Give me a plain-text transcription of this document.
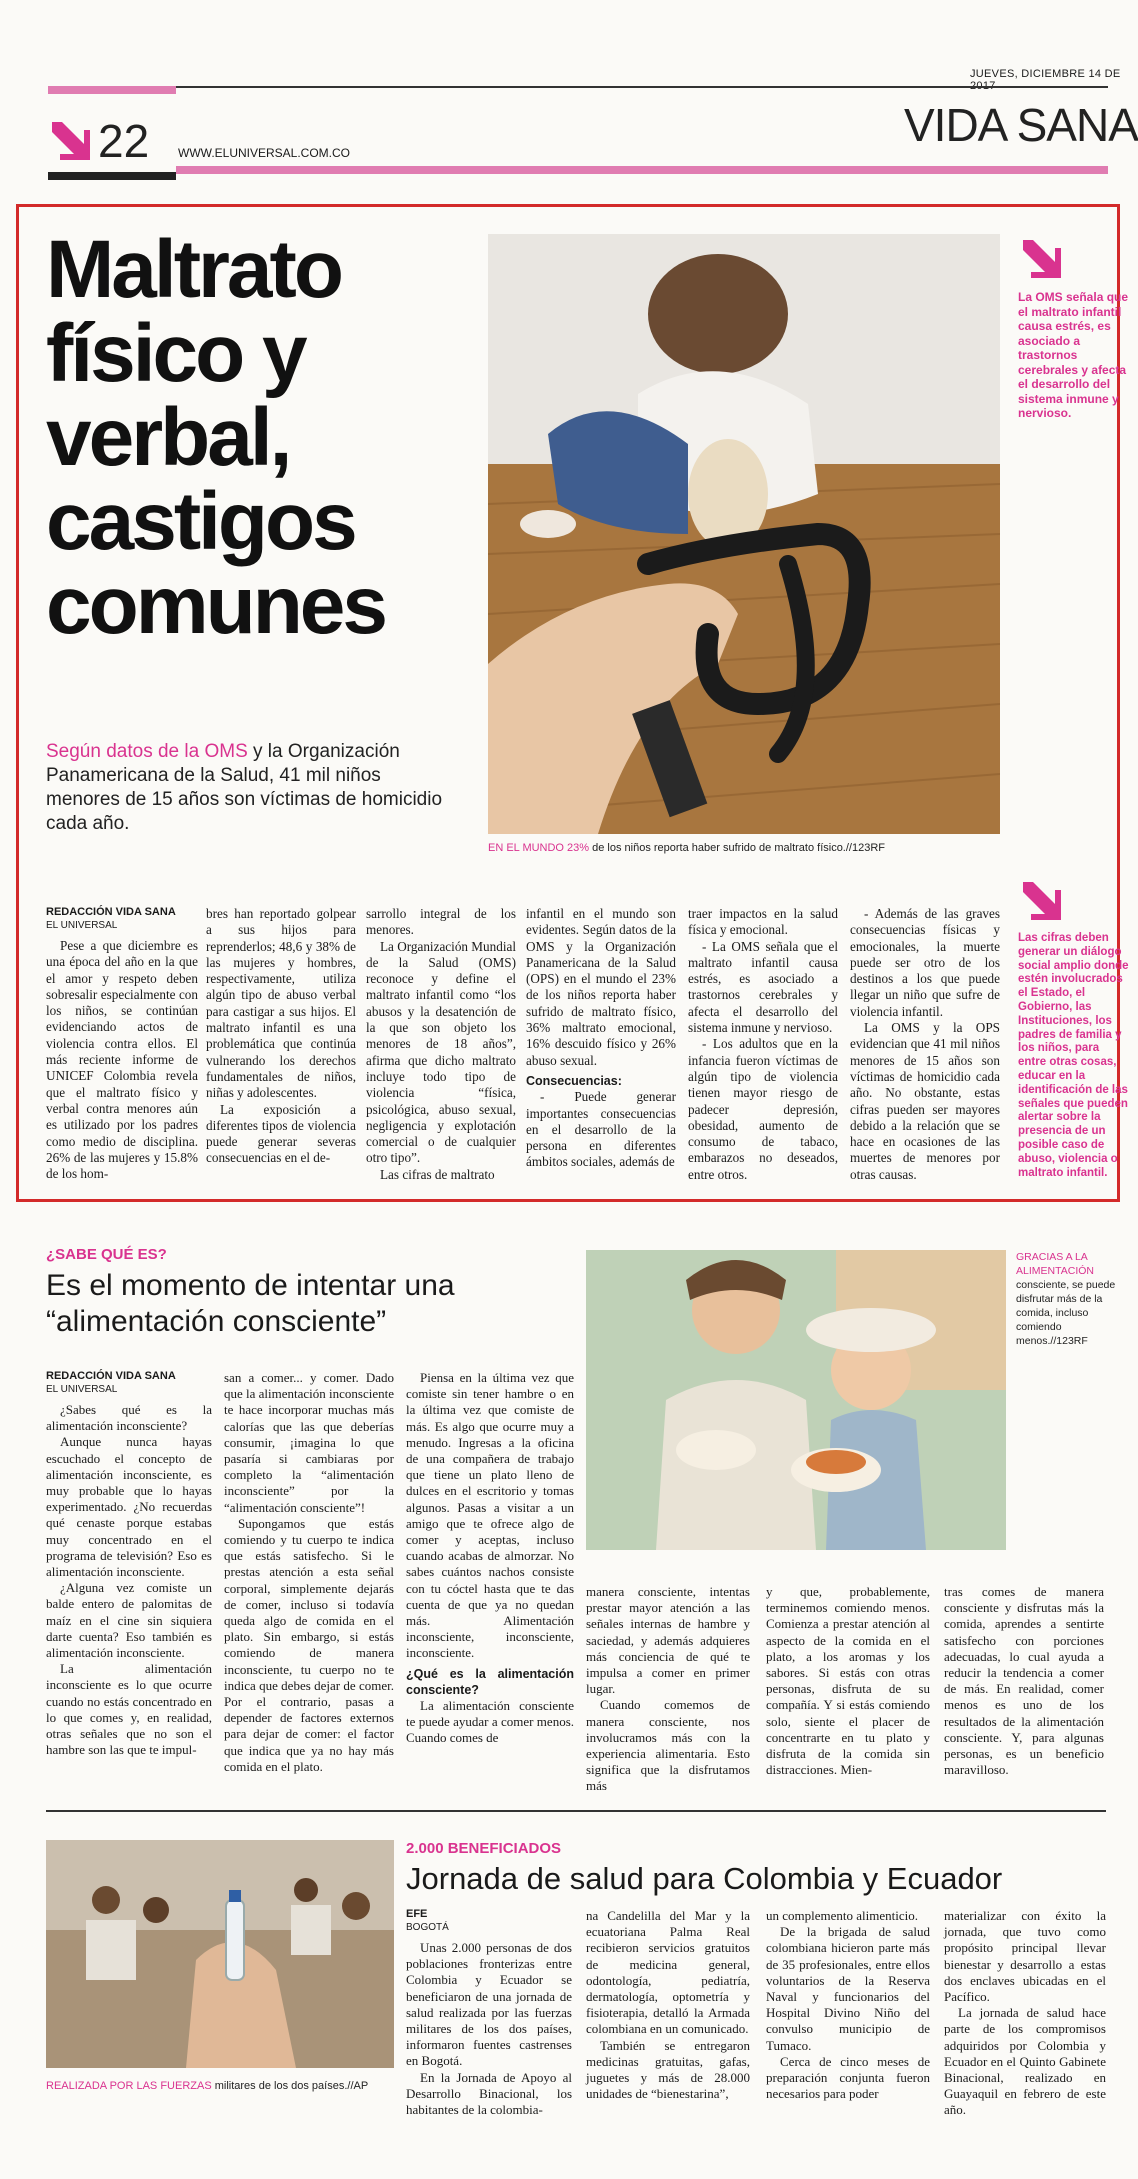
JUEVES, DICIEMBRE 14 DE
22 WWW.ELUNIVERSAL.COM.CO
VIDA SANA
Maltrato
físico y
verbal,
castigos
comunes
Según datos de la OMS y la Organización Panamericana de la Salud, 41 mil niños menores de 15 años son víctimas de homicidio cada año.
EN EL MUNDO 23% de los niños reporta haber sufrido de maltrato físico.//123RF
La OMS señala que el maltrato infantil causa estrés, es asociado a trastornos cerebrales y afecta el desarrollo del sistema inmune y nervioso.
Las cifras deben generar un diálogo social amplio donde estén involucrados el Estado, el Gobierno, las Instituciones, los padres de familia y los niños, para entre otras cosas, educar en la identificación de las señales que pueden alertar sobre la presencia de un posible caso de abuso, violencia o maltrato infantil.
REDACCIÓN VIDA SANA
EL UNIVERSAL

Pese a que diciembre es una época del año en la que el amor y respeto deben sobresalir especialmente con los niños, se continúan evidenciando actos de violencia contra ellos. El más reciente informe de UNICEF Colombia revela que el maltrato físico y verbal contra menores aún es utilizado por los padres como medio de disciplina. 26% de las mujeres y 15.8% de los hom-

bres han reportado golpear a sus hijos para reprenderlos; 48,6 y 38% de las mujeres y hombres, respectivamente, utiliza algún tipo de abuso verbal para castigar a sus hijos. El maltrato infantil es una problemática que continúa vulnerando los derechos fundamentales de niños, niñas y adolescentes.

La exposición a diferentes tipos de violencia puede generar severas consecuencias en el de-

sarrollo integral de los menores.

La Organización Mundial de la Salud (OMS) reconoce y define el maltrato infantil como “los abusos y la desatención de la que son objeto los menores de 18 años”, afirma que dicho maltrato incluye todo tipo de violencia “física, psicológica, abuso sexual, negligencia y explotación comercial o de cualquier otro tipo”.

Las cifras de maltrato

infantil en el mundo son evidentes. Según datos de la OMS y la Organización Panamericana de la Salud (OPS) en el mundo el 23% de los niños reporta haber sufrido de maltrato físico, 36% maltrato emocional, 16% descuido físico y 26% abuso sexual.

Consecuencias:

- Puede generar importantes consecuencias en el desarrollo de la persona en diferentes ámbitos sociales, además de

traer impactos en la salud física y emocional.

- La OMS señala que el maltrato infantil causa estrés, es asociado a trastornos cerebrales y afecta el desarrollo del sistema inmune y nervioso.

- Los adultos que en la infancia fueron víctimas de algún tipo de violencia tienen mayor riesgo de padecer depresión, obesidad, aumento de consumo de tabaco, embarazos no deseados, entre otros.

- Además de las graves consecuencias físicas y emocionales, la muerte puede ser otro de los destinos a los que puede llegar un niño que sufre de violencia infantil.

La OMS y la OPS evidencian que 41 mil niños menores de 15 años son víctimas de homicidio cada año. No obstante, estas cifras pueden ser mayores debido a la relación que se hace en ocasiones de las muertes de menores por otras causas.

¿SABE QUÉ ES?
Es el momento de intentar una “alimentación consciente”
GRACIAS A LA ALIMENTACIÓN consciente, se puede disfrutar más de la comida, incluso comiendo menos.//123RF
REDACCIÓN VIDA SANA
EL UNIVERSAL

¿Sabes qué es la alimentación inconsciente?

Aunque nunca hayas escuchado el concepto de alimentación inconsciente, es muy probable que lo hayas experimentado. ¿No recuerdas qué cenaste porque estabas muy concentrado en el programa de televisión? Eso es alimentación inconsciente.

¿Alguna vez comiste un balde entero de palomitas de maíz en el cine sin siquiera darte cuenta? Eso también es alimentación inconsciente.

La alimentación inconsciente es lo que ocurre cuando no estás concentrado en lo que comes y, en realidad, otras señales que no son el hambre son las que te impul-

san a comer... y comer. Dado que la alimentación inconsciente te hace incorporar muchas más calorías que las que deberías consumir, ¡imagina lo que pasaría si cambiaras por completo la “alimentación inconsciente” por la “alimentación consciente”!

Supongamos que estás comiendo y tu cuerpo te indica que estás satisfecho. Si le prestas atención a esta señal corporal, simplemente dejarás de comer, incluso si todavía queda algo de comida en el plato. Sin embargo, si estás comiendo de manera inconsciente, tu cuerpo no te indica que debes dejar de comer. Por el contrario, pasas a depender de factores externos para dejar de comer: el factor que indica que ya no hay más comida en el plato.

Piensa en la última vez que comiste sin tener hambre o en la última vez que comiste de más. Es algo que ocurre muy a menudo. Ingresas a la oficina de una compañera de trabajo que tiene un plato lleno de dulces en el escritorio y tomas algunos. Pasas a visitar a un amigo que te ofrece algo de comer y aceptas, incluso cuando acabas de almorzar. No sabes cuántos nachos consiste con tu cóctel hasta que te das cuenta de que ya no quedan más. Alimentación inconsciente, inconsciente, inconsciente.

¿Qué es la alimentación consciente?

La alimentación consciente te puede ayudar a comer menos. Cuando comes de

manera consciente, intentas prestar mayor atención a las señales internas de hambre y saciedad, y además adquieres más conciencia de qué te impulsa a comer en primer lugar.

Cuando comemos de manera consciente, nos involucramos más con la experiencia alimentaria. Esto significa que la disfrutamos más

y que, probablemente, terminemos comiendo menos. Comienza a prestar atención al aspecto de la comida en el plato, a los aromas y los sabores. Si estás con otras personas, disfruta de su compañía. Y si estás comiendo solo, siente el placer de concentrarte en tu plato y disfruta de la comida sin distracciones. Mien-

tras comes de manera consciente y disfrutas más la comida, aprendes a sentirte satisfecho con porciones adecuadas, lo cual ayuda a reducir la tendencia a comer de más. En realidad, comer menos es uno de los resultados de la alimentación consciente. Y, para algunas personas, es un beneficio maravilloso.

REALIZADA POR LAS FUERZAS militares de los dos países.//AP
2.000 BENEFICIADOS
Jornada de salud para Colombia y Ecuador
EFE
BOGOTÁ

Unas 2.000 personas de dos poblaciones fronterizas entre Colombia y Ecuador se beneficiaron de una jornada de salud realizada por las fuerzas militares de los dos países, informaron fuentes castrenses en Bogotá.

En la Jornada de Apoyo al Desarrollo Binacional, los habitantes de la colombia-

na Candelilla del Mar y la ecuatoriana Palma Real recibieron servicios gratuitos de medicina general, odontología, pediatría, dermatología, optometría y fisioterapia, detalló la Armada colombiana en un comunicado.

También se entregaron medicinas gratuitas, gafas, juguetes y más de 28.000 unidades de “bienestarina”,

un complemento alimenticio.

De la brigada de salud colombiana hicieron parte más de 35 profesionales, entre ellos voluntarios de la Reserva Naval y funcionarios del Hospital Divino Niño del convulso municipio de Tumaco.

Cerca de cinco meses de preparación conjunta fueron necesarios para poder

materializar con éxito la jornada, que tuvo como propósito principal llevar bienestar y desarrollo a estas dos enclaves ubicadas en el Pacífico.

La jornada de salud hace parte de los compromisos adquiridos por Colombia y Ecuador en el Quinto Gabinete Binacional, realizado en Guayaquil en febrero de este año.
